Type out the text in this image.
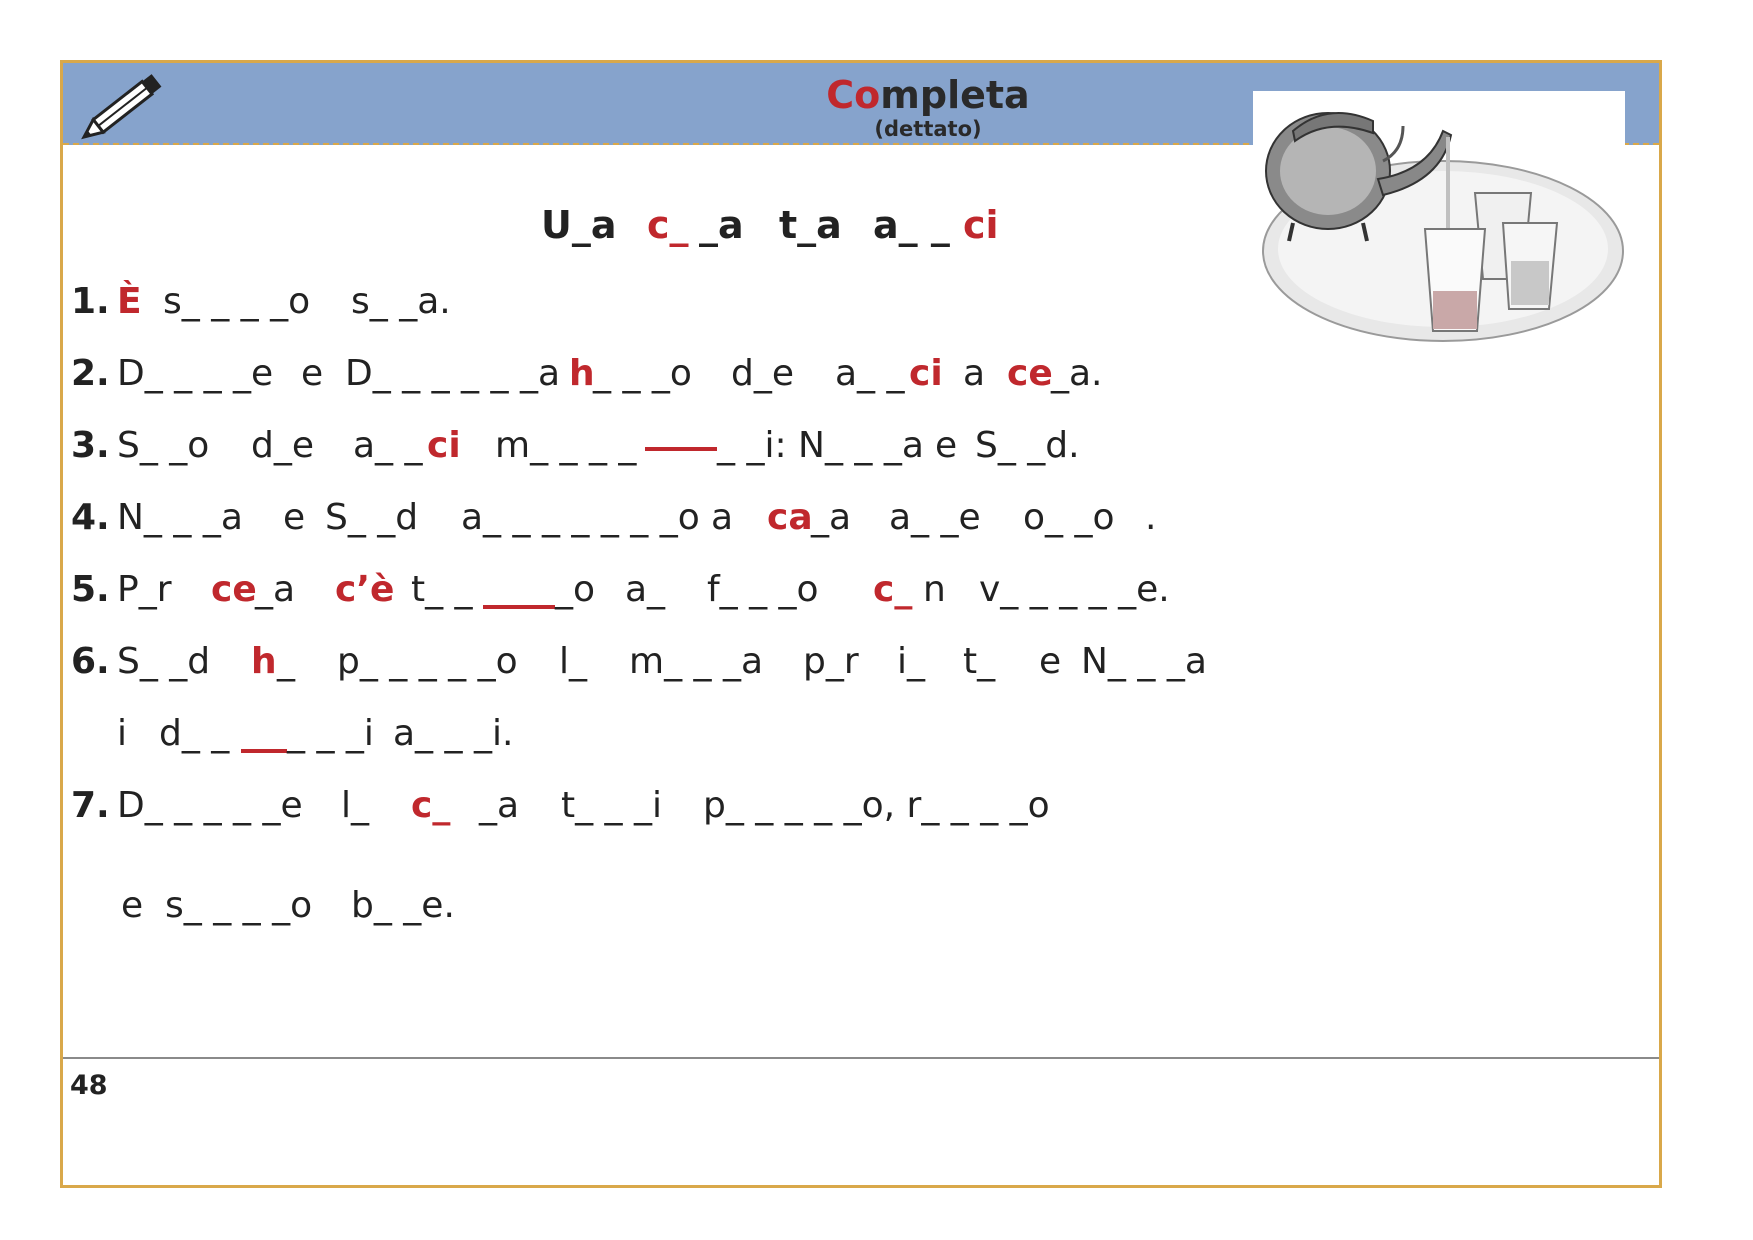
Completa
(dettato)
U_a c_ _a t_a a_ _ ci
1. È s_ _ _ _o s_ _a.
2. D_ _ _ _e e D_ _ _ _ _ _a h
_ _ _o d_e a_ _ ci a ce
_a.
3. S_ _o d_e a_ _ ci m_ _ _ _ _ _i: N_ _ _a e S_ _d.
4. N_ _ _a e S_ _d a_ _ _ _ _ _ _o a ca
_a a_ _e o_ _o .
5. P_r ce
_a c’è t_ _ _o a_ f_ _ _o c_ n v_ _ _ _ _e.
6. S_ _d h _ p_ _ _ _ _o l_ m_ _ _a p_r i_ t_ e N_ _ _a
i d_ _ _ _ _i a_ _ _i.
7. D_ _ _ _ _e l_ c_ _a t_ _ _i p_ _ _ _ _o, r_ _ _ _o
e s_ _ _ _o b_ _e.
48
